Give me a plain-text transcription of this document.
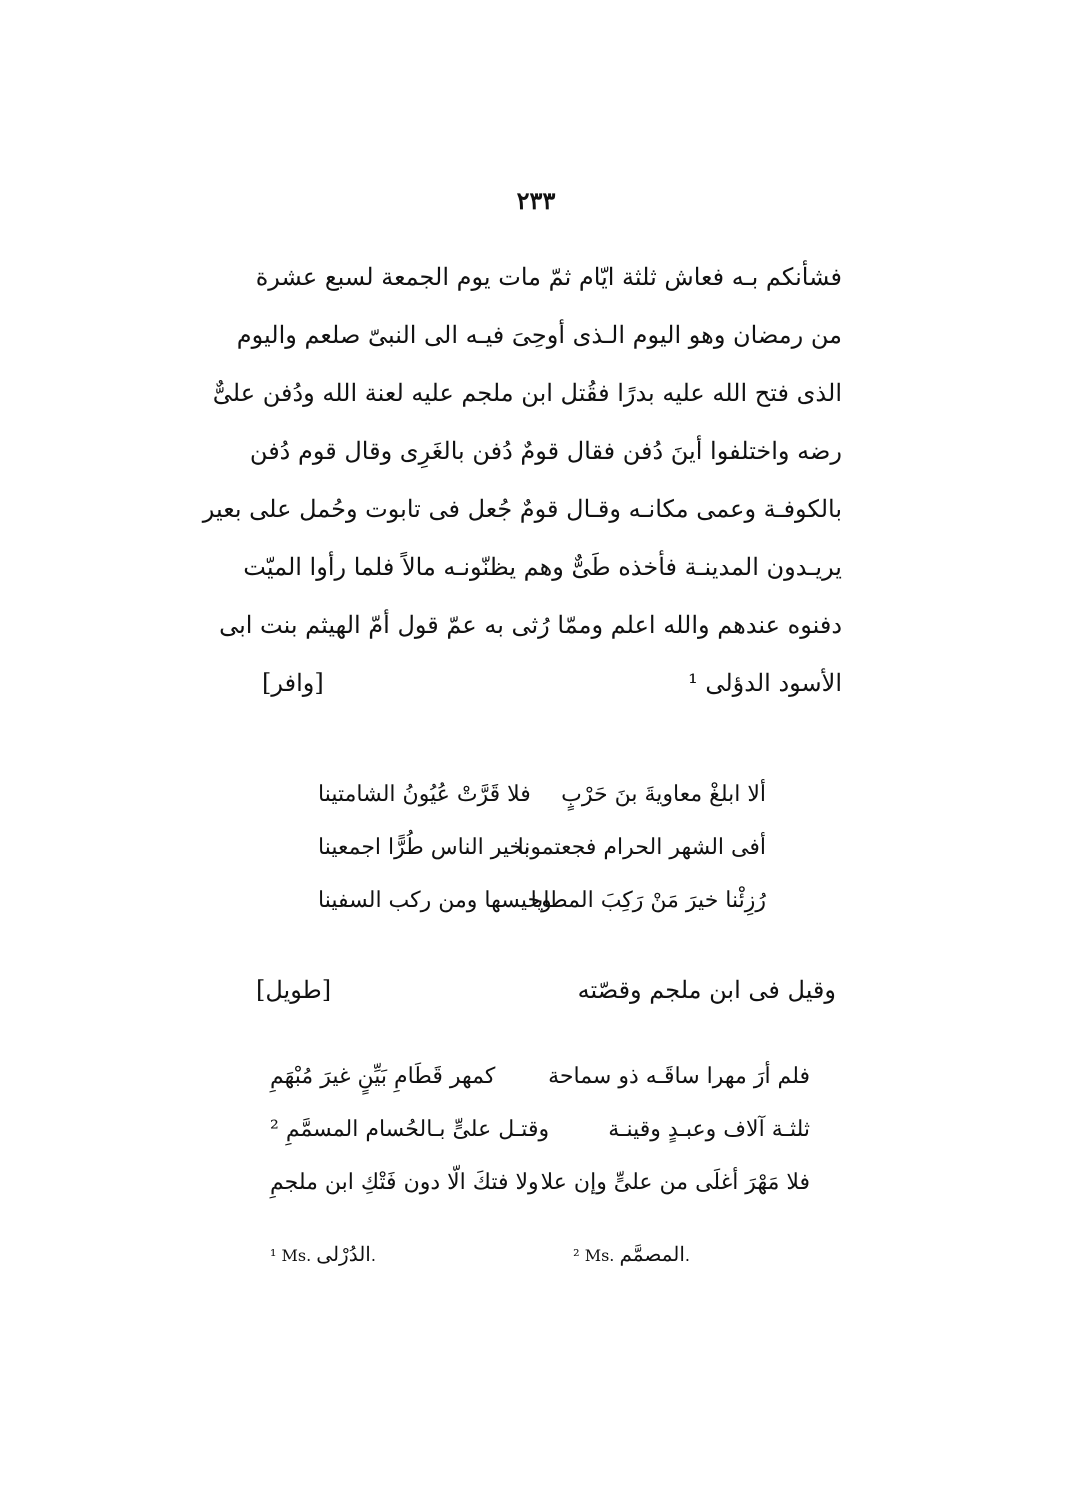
٢٣٣
فشأنكم بـه فعاش ثلثة ايّام ثمّ مات يوم الجمعة لسبع عشرة
من رمضان وهو اليوم الـذى أوحِىَ فيـه الى النبىّ صلعم واليوم
الذى فتح الله عليه بدرًا فقُتل ابن ملجم عليه لعنة الله ودُفن علىٌّ
رضه واختلفوا أينَ دُفن فقال قومٌ دُفن بالغَرِى وقال قوم دُفن
بالكوفـة وعمى مكانـه وقـال قومٌ جُعل فى تابوت وحُمل على بعير
يريـدون المدينـة فأخذه طَىٌّ وهم يظنّونـه مالاً فلما رأوا الميّت
دفنوه عندهم والله اعلم وممّا رُثى به عمّ قول أمّ الهيثم بنت ابى
الأسود الدؤلى ¹
[وافر]
ألا ابلغْ معاويةَ بنَ حَرْبٍ
فلا قَرَّتْ عُيُونُ الشامتينا
أفى الشهر الحرام فجعتمونا
بخير الناس طُرًّا اجمعينا
رُزِئْنا خيرَ مَنْ رَكِبَ المطايا
وخيسها ومن ركب السفينا
وقيل فى ابن ملجم وقصّته
[طويل]
فلم أرَ مهرا ساقَـه ذو سماحة
كمهر قَطَامِ بَيِّنٍ غيرَ مُبْهَمِ
ثلثـة آلاف وعبـدٍ وقينـة
وقتـل علىٍّ بـالحُسام المسمَّمِ ²
فلا مَهْرَ أغلَى من علىٍّ وإن علا
ولا فتكَ الّا دون فَتْكِ ابن ملجمِ
¹ Ms. الدُرْلى.	² Ms. المصمَّم.
